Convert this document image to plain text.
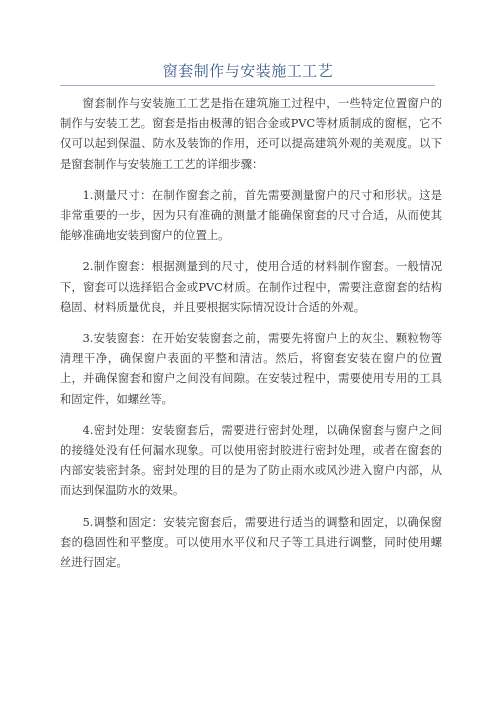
窗套制作与安装施工工艺

窗套制作与安装施工工艺是指在建筑施工过程中，一些特定位置窗户的制作与安装工艺。窗套是指由极薄的铝合金或PVC等材质制成的窗框，它不仅可以起到保温、防水及装饰的作用，还可以提高建筑外观的美观度。以下是窗套制作与安装施工工艺的详细步骤：

1.测量尺寸：在制作窗套之前，首先需要测量窗户的尺寸和形状。这是非常重要的一步，因为只有准确的测量才能确保窗套的尺寸合适，从而使其能够准确地安装到窗户的位置上。

2.制作窗套：根据测量到的尺寸，使用合适的材料制作窗套。一般情况下，窗套可以选择铝合金或PVC材质。在制作过程中，需要注意窗套的结构稳固、材料质量优良，并且要根据实际情况设计合适的外观。

3.安装窗套：在开始安装窗套之前，需要先将窗户上的灰尘、颗粒物等清理干净，确保窗户表面的平整和清洁。然后，将窗套安装在窗户的位置上，并确保窗套和窗户之间没有间隙。在安装过程中，需要使用专用的工具和固定件，如螺丝等。

4.密封处理：安装窗套后，需要进行密封处理，以确保窗套与窗户之间的接缝处没有任何漏水现象。可以使用密封胶进行密封处理，或者在窗套的内部安装密封条。密封处理的目的是为了防止雨水或风沙进入窗户内部，从而达到保温防水的效果。

5.调整和固定：安装完窗套后，需要进行适当的调整和固定，以确保窗套的稳固性和平整度。可以使用水平仪和尺子等工具进行调整，同时使用螺丝进行固定。
